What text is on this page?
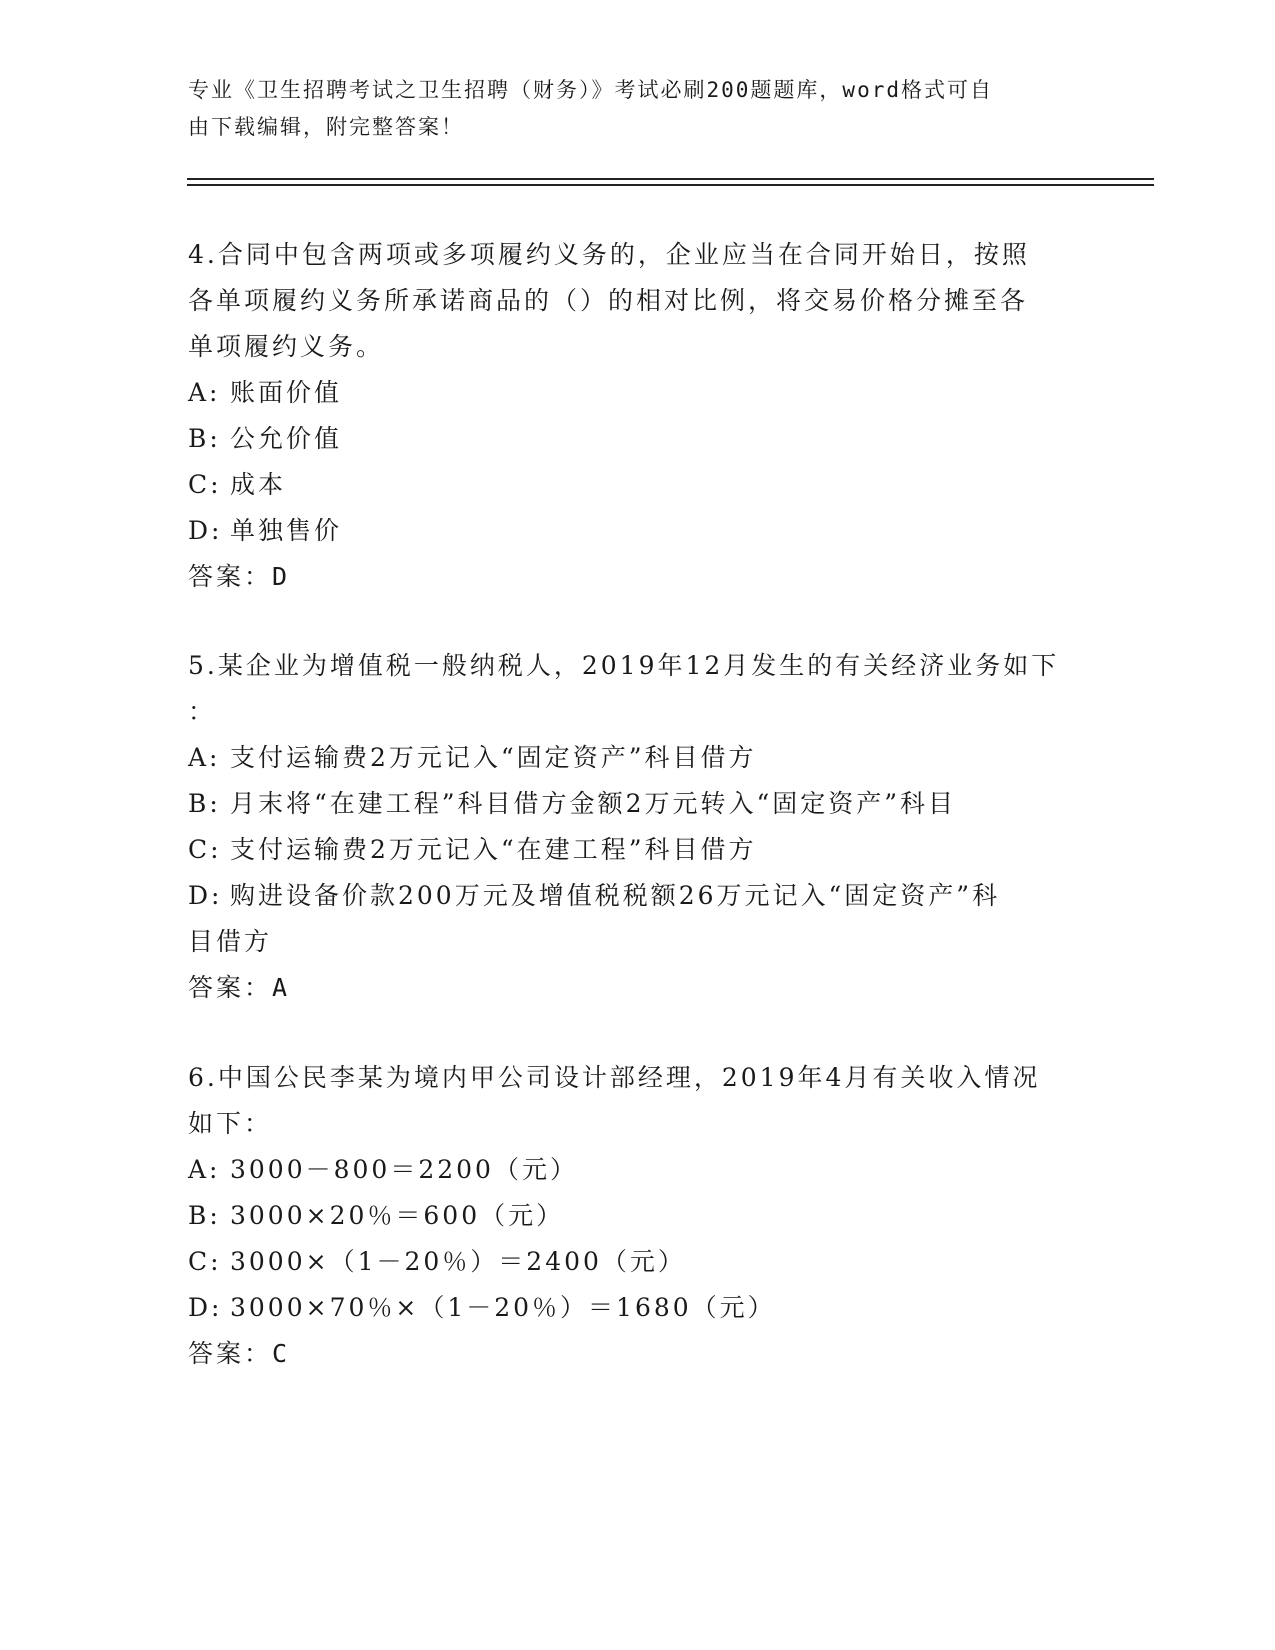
专业《卫生招聘考试之卫生招聘（财务）》考试必刷200题题库，word格式可自
由下载编辑，附完整答案！
4.合同中包含两项或多项履约义务的，企业应当在合同开始日，按照
各单项履约义务所承诺商品的（）的相对比例，将交易价格分摊至各
单项履约义务。
A: 账面价值
B: 公允价值
C: 成本
D: 单独售价
答案：D
5.某企业为增值税一般纳税人，2019年12月发生的有关经济业务如下
：
A: 支付运输费2万元记入“固定资产”科目借方
B: 月末将“在建工程”科目借方金额2万元转入“固定资产”科目
C: 支付运输费2万元记入“在建工程”科目借方
D: 购进设备价款200万元及增值税税额26万元记入“固定资产”科
目借方
答案：A
6.中国公民李某为境内甲公司设计部经理，2019年4月有关收入情况
如下：
A: 3000－800＝2200（元）
B: 3000×20％＝600（元）
C: 3000×（1－20％）＝2400（元）
D: 3000×70％×（1－20％）＝1680（元）
答案：C
